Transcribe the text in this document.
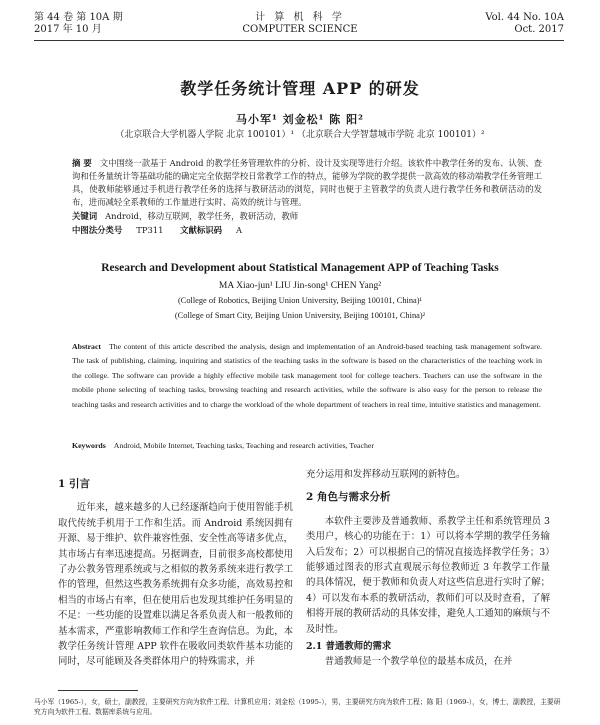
第 44 卷 第 10A 期
2017 年 10 月
计 算 机 科 学
COMPUTER SCIENCE
Vol. 44 No. 10A
Oct. 2017
教学任务统计管理 APP 的研发
马小军¹ 刘金松¹ 陈 阳²
（北京联合大学机器人学院 北京 100101）¹ （北京联合大学智慧城市学院 北京 100101）²
摘 要 文中围绕一款基于 Android 的教学任务管理软件的分析、设计及实现等进行介绍。该软件中教学任务的发布、认领、查询和任务量统计等基础功能的确定完全依据学校日常教学工作的特点，能够为学院的教学提供一款高效的移动端教学任务管理工具，使教师能够通过手机进行教学任务的选择与教研活动的浏览，同时也便于主管教学的负责人进行教学任务和教研活动的发布，进而减轻全系教师的工作量进行实时、高效的统计与管理。
关键词 Android，移动互联网，教学任务，教研活动，教师
中图法分类号 TP311 文献标识码 A
Research and Development about Statistical Management APP of Teaching Tasks
MA Xiao-jun¹ LIU Jin-song¹ CHEN Yang²
(College of Robotics, Beijing Union University, Beijing 100101, China)¹
(College of Smart City, Beijing Union University, Beijing 100101, China)²
Abstract The content of this article described the analysis, design and implementation of an Android-based teaching task management software. The task of publishing, claiming, inquiring and statistics of the teaching tasks in the software is based on the characteristics of the teaching work in the college. The software can provide a highly effective mobile task management tool for college teachers. Teachers can use the software in the mobile phone selecting of teaching tasks, browsing teaching and research activities, while the software is also easy for the person to release the teaching tasks and research activities and to charge the workload of the whole department of teachers in real time, intuitive statistics and management.
Keywords Android, Mobile Internet, Teaching tasks, Teaching and research activities, Teacher
1 引言

近年来，越来越多的人已经逐渐趋向于使用智能手机取代传统手机用于工作和生活。而 Android 系统因拥有开源、易于维护、软件兼容性强、安全性高等诸多优点，其市场占有率迅速提高。另据调查，目前很多高校都使用了办公教务管理系统或与之相似的教务系统来进行教学工作的管理，但然这些教务系统拥有众多功能，高效易控和相当的市场占有率，但在使用后也发现其维护任务明显的不足：一些功能的设置难以满足各系负责人和一般教师的基本需求，严重影响教师工作和学生查询信息。为此，本教学任务统计管理 APP 软件在吸收同类软件基本功能的同时，尽可能顾及各类群体用户的特殊需求，并

充分运用和发挥移动互联网的新特色。
2 角色与需求分析

本软件主要涉及普通教师、系教学主任和系统管理员 3 类用户，核心的功能在于：1）可以将本学期的教学任务输入后发布；2）可以根据自己的情况直接选择教学任务；3）能够通过图表的形式直观展示每位教师近 3 年教学工作量的具体情况，便于教师和负责人对这些信息进行实时了解；4）可以发布本系的教研活动，教师们可以及时查看，了解相将开展的教研活动的具体安排，避免人工通知的麻烦与不及时性。

2.1 普通教师的需求

普通教师是一个教学单位的最基本成员，在并

马小军（1965-），女，硕士，副教授，主要研究方向为软件工程、计算机应用；刘金松（1995-），男，主要研究方向为软件工程；陈 阳（1969-），女，博士，副教授，主要研究方向为软件工程、数据库系统与应用。
